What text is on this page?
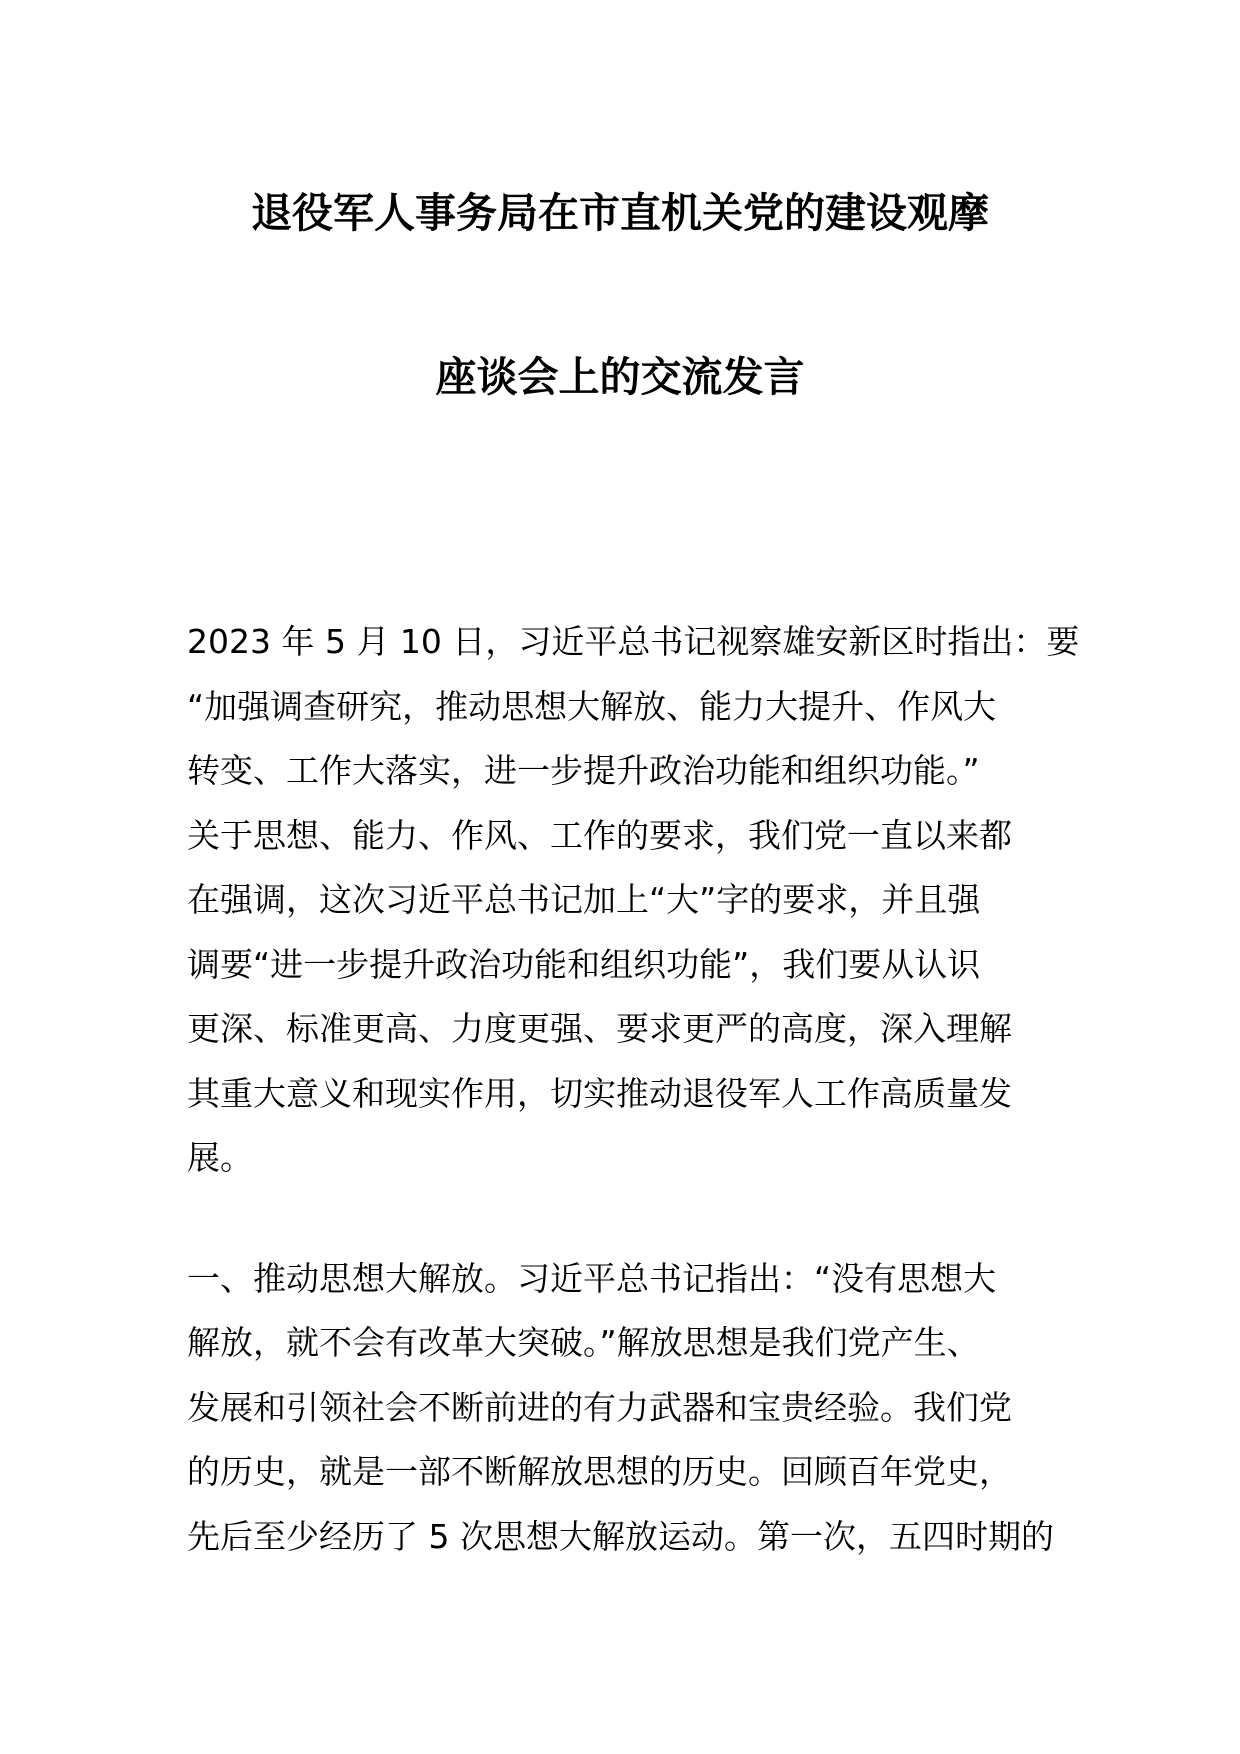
退役军人事务局在市直机关党的建设观摩
座谈会上的交流发言
2023 年 5 月 10 日，习近平总书记视察雄安新区时指出：要
“加强调查研究，推动思想大解放、能力大提升、作风大
转变、工作大落实，进一步提升政治功能和组织功能。”
关于思想、能力、作风、工作的要求，我们党一直以来都
在强调，这次习近平总书记加上“大”字的要求，并且强
调要“进一步提升政治功能和组织功能”，我们要从认识
更深、标准更高、力度更强、要求更严的高度，深入理解
其重大意义和现实作用，切实推动退役军人工作高质量发
展。
一、推动思想大解放。习近平总书记指出：“没有思想大
解放，就不会有改革大突破。”解放思想是我们党产生、
发展和引领社会不断前进的有力武器和宝贵经验。我们党
的历史，就是一部不断解放思想的历史。回顾百年党史，
先后至少经历了 5 次思想大解放运动。第一次，五四时期的
